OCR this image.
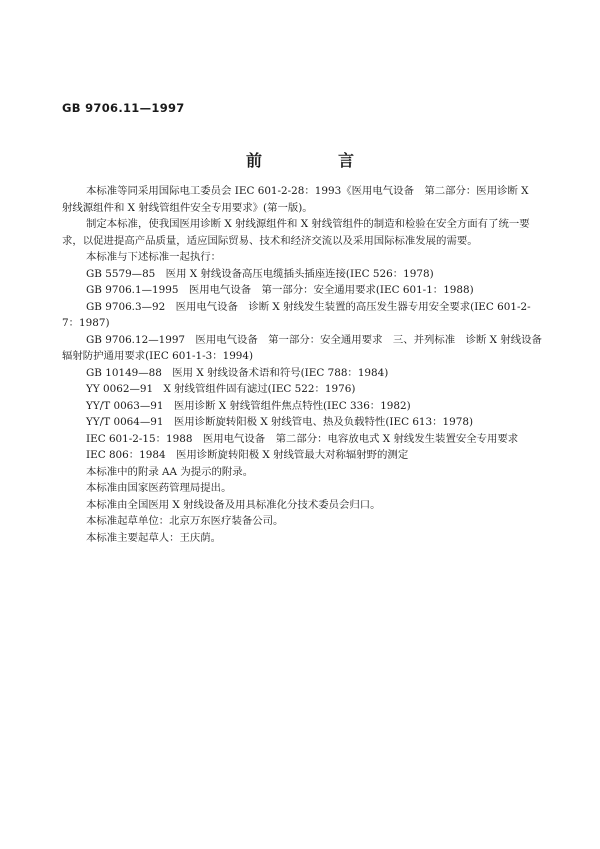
GB 9706.11—1997
前　言

本标准等同采用国际电工委员会 IEC 601-2-28：1993《医用电气设备　第二部分：医用诊断 X 射线源组件和 X 射线管组件安全专用要求》(第一版)。

制定本标准，使我国医用诊断 X 射线源组件和 X 射线管组件的制造和检验在安全方面有了统一要求，以促进提高产品质量，适应国际贸易、技术和经济交流以及采用国际标准发展的需要。

本标准与下述标准一起执行：

GB 5579—85　医用 X 射线设备高压电缆插头插座连接(IEC 526：1978)

GB 9706.1—1995　医用电气设备　第一部分：安全通用要求(IEC 601-1：1988)

GB 9706.3—92　医用电气设备　诊断 X 射线发生装置的高压发生器专用安全要求(IEC 601-2-7：1987)

GB 9706.12—1997　医用电气设备　第一部分：安全通用要求　三、并列标准　诊断 X 射线设备辐射防护通用要求(IEC 601-1-3：1994)

GB 10149—88　医用 X 射线设备术语和符号(IEC 788：1984)

YY 0062—91　X 射线管组件固有滤过(IEC 522：1976)

YY/T 0063—91　医用诊断 X 射线管组件焦点特性(IEC 336：1982)

YY/T 0064—91　医用诊断旋转阳极 X 射线管电、热及负载特性(IEC 613：1978)

IEC 601-2-15：1988　医用电气设备　第二部分：电容放电式 X 射线发生装置安全专用要求

IEC 806：1984　医用诊断旋转阳极 X 射线管最大对称辐射野的测定

本标准中的附录 AA 为提示的附录。

本标准由国家医药管理局提出。

本标准由全国医用 X 射线设备及用具标准化分技术委员会归口。

本标准起草单位：北京万东医疗装备公司。

本标准主要起草人：王庆荫。
